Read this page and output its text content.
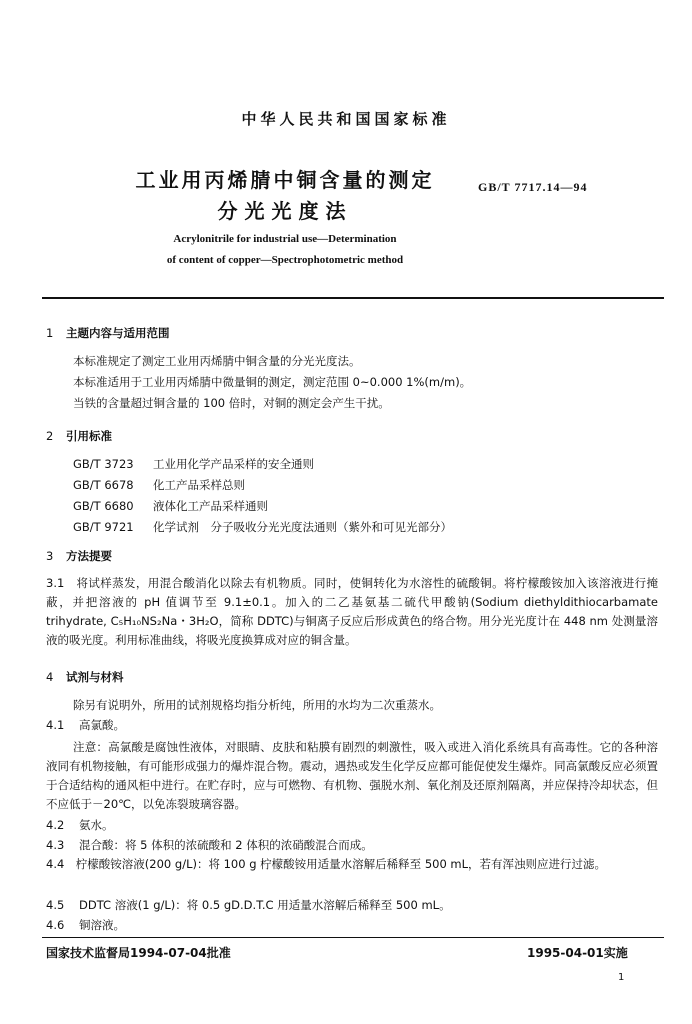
中华人民共和国国家标准
工业用丙烯腈中铜含量的测定
分光光度法
GB/T 7717.14—94
Acrylonitrile for industrial use—Determination
of content of copper—Spectrophotometric method
1 主题内容与适用范围
本标准规定了测定工业用丙烯腈中铜含量的分光光度法。
本标准适用于工业用丙烯腈中微量铜的测定，测定范围 0~0.000 1%(m/m)。
当铁的含量超过铜含量的 100 倍时，对铜的测定会产生干扰。
2 引用标准
GB/T 3723 工业用化学产品采样的安全通则
GB/T 6678 化工产品采样总则
GB/T 6680 液体化工产品采样通则
GB/T 9721 化学试剂　分子吸收分光光度法通则（紫外和可见光部分）
3 方法提要
3.1　 将试样蒸发，用混合酸消化以除去有机物质。同时，使铜转化为水溶性的硫酸铜。将柠檬酸铵加入该溶液进行掩蔽，并把溶液的 pH 值调节至 9.1±0.1。加入的二乙基氨基二硫代甲酸钠(Sodium diethyldithiocarbamate trihydrate, C₅H₁₀NS₂Na・3H₂O，简称 DDTC)与铜离子反应后形成黄色的络合物。用分光光度计在 448 nm 处测量溶液的吸光度。利用标准曲线，将吸光度换算成对应的铜含量。
4 试剂与材料
除另有说明外，所用的试剂规格均指分析纯，所用的水均为二次重蒸水。
4.1 高氯酸。
注意：高氯酸是腐蚀性液体，对眼睛、皮肤和粘膜有剧烈的刺激性，吸入或进入消化系统具有高毒性。它的各种溶液同有机物接触，有可能形成强力的爆炸混合物。震动，遇热或发生化学反应都可能促使发生爆炸。同高氯酸反应必须置于合适结构的通风柜中进行。在贮存时，应与可燃物、有机物、强脱水剂、氧化剂及还原剂隔离，并应保持冷却状态，但不应低于－20℃，以免冻裂玻璃容器。
4.2 氨水。
4.3 混合酸：将 5 体积的浓硫酸和 2 体积的浓硝酸混合而成。
4.4　 柠檬酸铵溶液(200 g/L)：将 100 g 柠檬酸铵用适量水溶解后稀释至 500 mL，若有浑浊则应进行过滤。
4.5 DDTC 溶液(1 g/L)：将 0.5 gD.D.T.C 用适量水溶解后稀释至 500 mL。
4.6 铜溶液。
国家技术监督局1994-07-04批准	1995-04-01实施
1
